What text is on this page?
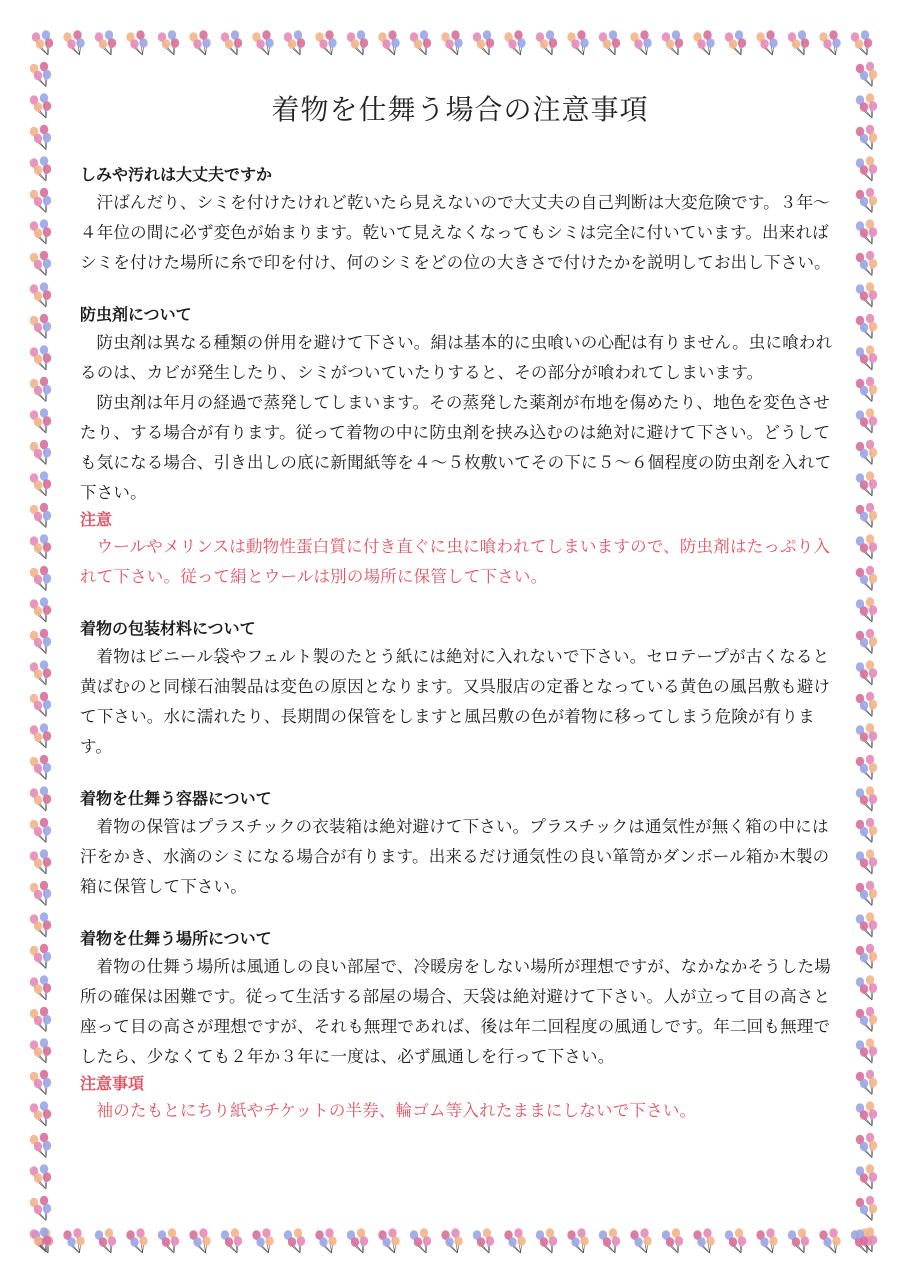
着物を仕舞う場合の注意事項

しみや汚れは大丈夫ですか

汗ばんだり、シミを付けたけれど乾いたら見えないので大丈夫の自己判断は大変危険です。３年〜４年位の間に必ず変色が始まります。乾いて見えなくなってもシミは完全に付いています。出来ればシミを付けた場所に糸で印を付け、何のシミをどの位の大きさで付けたかを説明してお出し下さい。

防虫剤について

防虫剤は異なる種類の併用を避けて下さい。絹は基本的に虫喰いの心配は有りません。虫に喰われるのは、カビが発生したり、シミがついていたりすると、その部分が喰われてしまいます。

防虫剤は年月の経過で蒸発してしまいます。その蒸発した薬剤が布地を傷めたり、地色を変色させたり、する場合が有ります。従って着物の中に防虫剤を挟み込むのは絶対に避けて下さい。どうしても気になる場合、引き出しの底に新聞紙等を４〜５枚敷いてその下に５〜６個程度の防虫剤を入れて下さい。

注意

ウールやメリンスは動物性蛋白質に付き直ぐに虫に喰われてしまいますので、防虫剤はたっぷり入れて下さい。従って絹とウールは別の場所に保管して下さい。

着物の包装材料について

着物はビニール袋やフェルト製のたとう紙には絶対に入れないで下さい。セロテープが古くなると黄ばむのと同様石油製品は変色の原因となります。又呉服店の定番となっている黄色の風呂敷も避けて下さい。水に濡れたり、長期間の保管をしますと風呂敷の色が着物に移ってしまう危険が有ります。

着物を仕舞う容器について

着物の保管はプラスチックの衣装箱は絶対避けて下さい。プラスチックは通気性が無く箱の中には汗をかき、水滴のシミになる場合が有ります。出来るだけ通気性の良い箪笥かダンボール箱か木製の箱に保管して下さい。

着物を仕舞う場所について

着物の仕舞う場所は風通しの良い部屋で、冷暖房をしない場所が理想ですが、なかなかそうした場所の確保は困難です。従って生活する部屋の場合、天袋は絶対避けて下さい。人が立って目の高さと座って目の高さが理想ですが、それも無理であれば、後は年二回程度の風通しです。年二回も無理でしたら、少なくても２年か３年に一度は、必ず風通しを行って下さい。

注意事項

袖のたもとにちり紙やチケットの半券、輪ゴム等入れたままにしないで下さい。
